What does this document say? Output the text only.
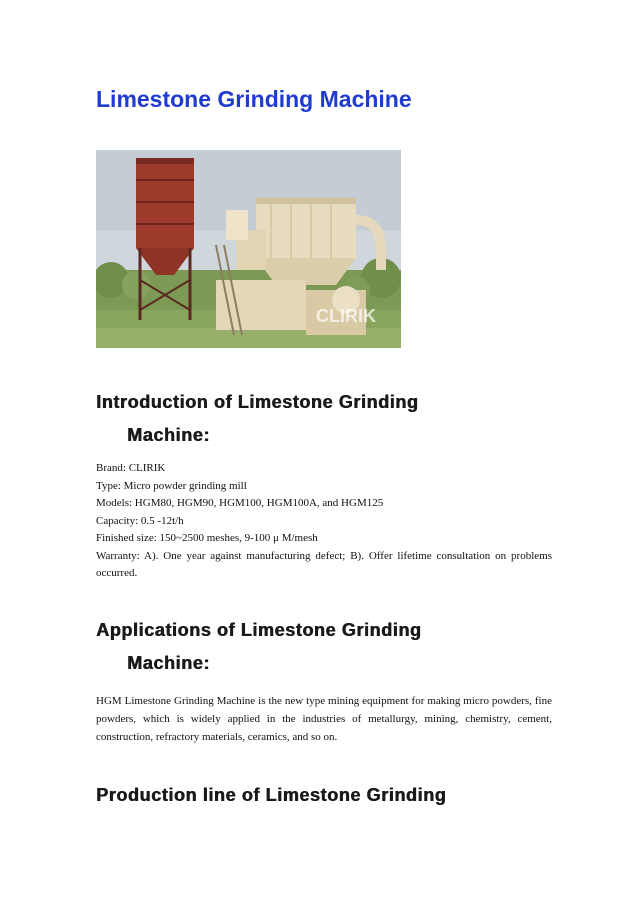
Limestone Grinding Machine
CLIRIK
Introduction of Limestone Grinding
Machine:
Brand: CLIRIK
Type: Micro powder grinding mill
Models: HGM80, HGM90, HGM100, HGM100A, and HGM125
Capacity: 0.5 -12t/h
Finished size: 150~2500 meshes, 9-100 μ M/mesh
Warranty: A). One year against manufacturing defect; B). Offer lifetime consultation on problems occurred.
Applications of Limestone Grinding
Machine:

HGM Limestone Grinding Machine is the new type mining equipment for making micro powders, fine powders, which is widely applied in the industries of metallurgy, mining, chemistry, cement, construction, refractory materials, ceramics, and so on.

Production line of Limestone Grinding
